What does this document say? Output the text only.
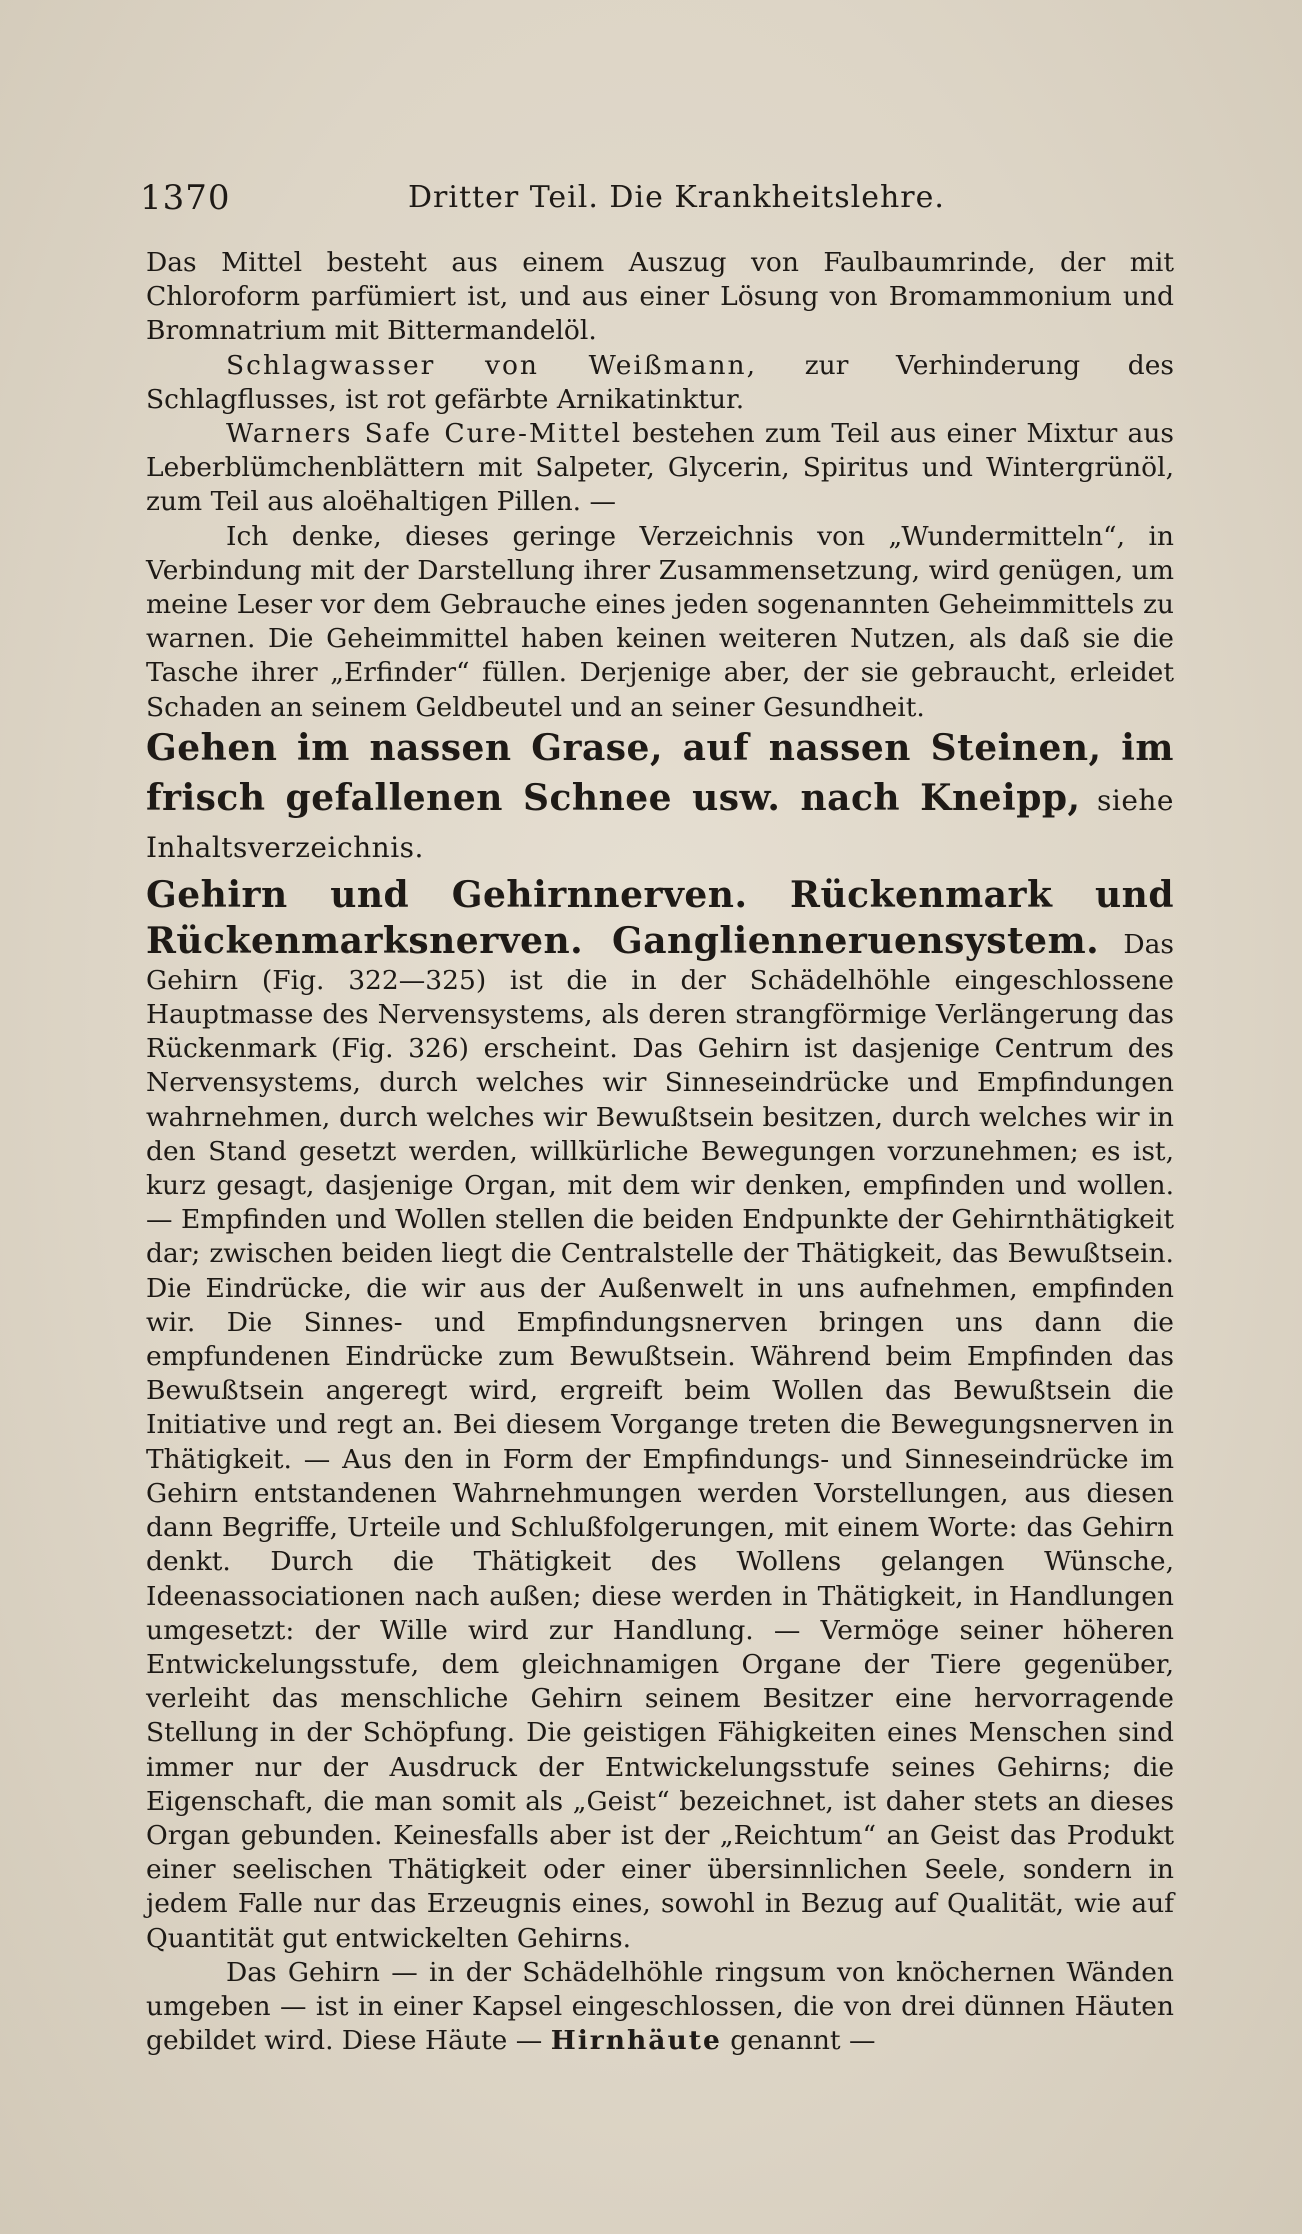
1370	Dritter Teil. Die Krankheitslehre.

Das Mittel besteht aus einem Auszug von Faulbaumrinde, der mit Chloroform parfümiert ist, und aus einer Lösung von Bromammonium und Bromnatrium mit Bittermandelöl.

Schlagwasser von Weißmann, zur Verhinderung des Schlagflusses, ist rot gefärbte Arnikatinktur.

Warners Safe Cure-Mittel bestehen zum Teil aus einer Mixtur aus Leberblümchenblättern mit Salpeter, Glycerin, Spiritus und Wintergrünöl, zum Teil aus aloëhaltigen Pillen. —

Ich denke, dieses geringe Verzeichnis von „Wundermitteln“, in Verbindung mit der Darstellung ihrer Zusammensetzung, wird genügen, um meine Leser vor dem Gebrauche eines jeden sogenannten Geheimmittels zu warnen. Die Geheimmittel haben keinen weiteren Nutzen, als daß sie die Tasche ihrer „Erfinder“ füllen. Derjenige aber, der sie gebraucht, erleidet Schaden an seinem Geldbeutel und an seiner Gesundheit.

Gehen im nassen Grase, auf nassen Steinen, im frisch gefallenen Schnee usw. nach Kneipp, siehe Inhaltsverzeichnis.

Gehirn und Gehirnnerven. Rückenmark und Rückenmarksnerven. Ganglienneruensystem. Das Gehirn (Fig. 322—325) ist die in der Schädelhöhle eingeschlossene Hauptmasse des Nervensystems, als deren strangförmige Verlängerung das Rückenmark (Fig. 326) erscheint. Das Gehirn ist dasjenige Centrum des Nervensystems, durch welches wir Sinneseindrücke und Empfindungen wahrnehmen, durch welches wir Bewußtsein besitzen, durch welches wir in den Stand gesetzt werden, willkürliche Bewegungen vorzunehmen; es ist, kurz gesagt, dasjenige Organ, mit dem wir denken, empfinden und wollen. — Empfinden und Wollen stellen die beiden Endpunkte der Gehirnthätigkeit dar; zwischen beiden liegt die Centralstelle der Thätigkeit, das Bewußtsein. Die Eindrücke, die wir aus der Außenwelt in uns aufnehmen, empfinden wir. Die Sinnes- und Empfindungsnerven bringen uns dann die empfundenen Eindrücke zum Bewußtsein. Während beim Empfinden das Bewußtsein angeregt wird, ergreift beim Wollen das Bewußtsein die Initiative und regt an. Bei diesem Vorgange treten die Bewegungsnerven in Thätigkeit. — Aus den in Form der Empfindungs- und Sinneseindrücke im Gehirn entstandenen Wahrnehmungen werden Vorstellungen, aus diesen dann Begriffe, Urteile und Schlußfolgerungen, mit einem Worte: das Gehirn denkt. Durch die Thätigkeit des Wollens gelangen Wünsche, Ideenassociationen nach außen; diese werden in Thätigkeit, in Handlungen umgesetzt: der Wille wird zur Handlung. — Vermöge seiner höheren Entwickelungsstufe, dem gleichnamigen Organe der Tiere gegenüber, verleiht das menschliche Gehirn seinem Besitzer eine hervorragende Stellung in der Schöpfung. Die geistigen Fähigkeiten eines Menschen sind immer nur der Ausdruck der Entwickelungsstufe seines Gehirns; die Eigenschaft, die man somit als „Geist“ bezeichnet, ist daher stets an dieses Organ gebunden. Keinesfalls aber ist der „Reichtum“ an Geist das Produkt einer seelischen Thätigkeit oder einer übersinnlichen Seele, sondern in jedem Falle nur das Erzeugnis eines, sowohl in Bezug auf Qualität, wie auf Quantität gut entwickelten Gehirns.

Das Gehirn — in der Schädelhöhle ringsum von knöchernen Wänden umgeben — ist in einer Kapsel eingeschlossen, die von drei dünnen Häuten gebildet wird. Diese Häute — Hirnhäute genannt —
